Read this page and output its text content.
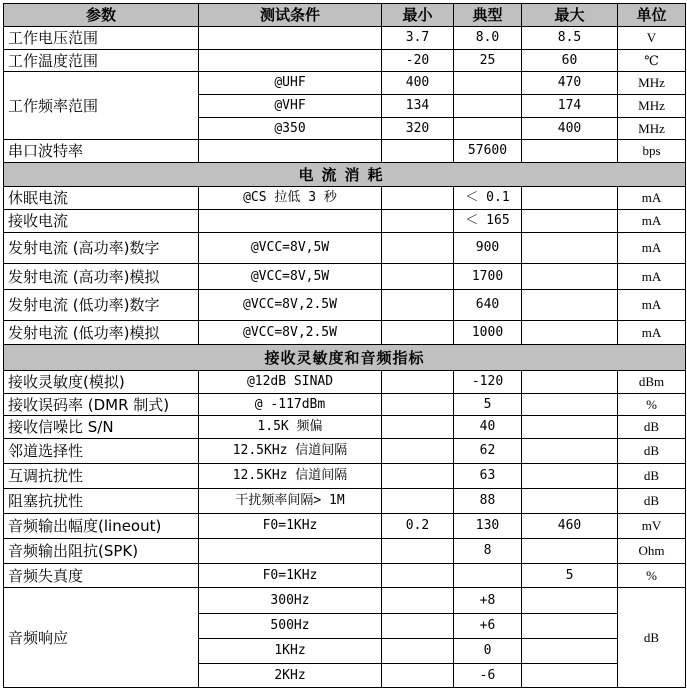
参数	测试条件	最小	典型	最大	单位
工作电压范围		3.7	8.0	8.5	V
工作温度范围		-20	25	60	℃
工作频率范围	@UHF	400		470	MHz
	@VHF	134		174	MHz
	@350	320		400	MHz
串口波特率			57600		bps
电流消耗					
休眠电流	@CS 拉低 3 秒		＜ 0.1		mA
接收电流			＜ 165		mA
发射电流 (高功率)数字	@VCC=8V,5W		900		mA
发射电流 (高功率)模拟	@VCC=8V,5W		1700		mA
发射电流 (低功率)数字	@VCC=8V,2.5W		640		mA
发射电流 (低功率)模拟	@VCC=8V,2.5W		1000		mA
接收灵敏度和音频指标					
接收灵敏度(模拟)	@12dB SINAD		-120		dBm
接收误码率 (DMR 制式)	@ -117dBm		5		%
接收信噪比 S/N	1.5K 频偏		40		dB
邻道选择性	12.5KHz 信道间隔		62		dB
互调抗扰性	12.5KHz 信道间隔		63		dB
阻塞抗扰性	干扰频率间隔> 1M		88		dB
音频输出幅度(lineout)	F0=1KHz	0.2	130	460	mV
音频输出阻抗(SPK)			8		Ohm
音频失真度	F0=1KHz			5	%
音频响应	300Hz		+8		dB
	500Hz		+6		
	1KHz		0		
	2KHz		-6		
